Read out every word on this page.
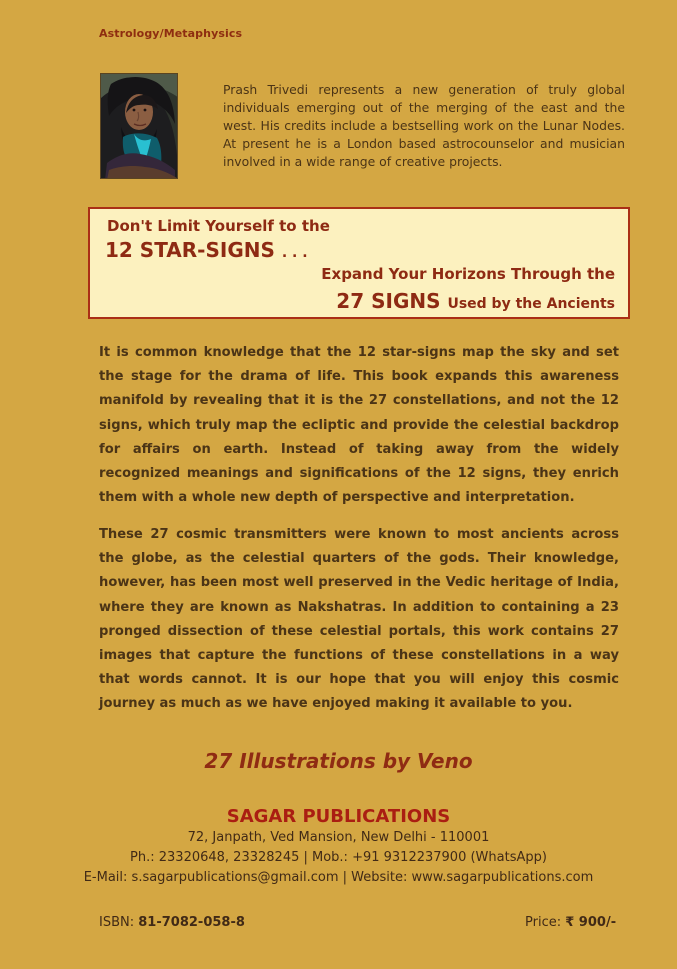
Astrology/Metaphysics
Prash Trivedi represents a new generation of truly global individuals emerging out of the merging of the east and the west. His credits include a bestselling work on the Lunar Nodes. At present he is a London based astrocounselor and musician involved in a wide range of creative projects.
Don't Limit Yourself to the
12 STAR-SIGNS . . .
Expand Your Horizons Through the
27 SIGNS Used by the Ancients
It is common knowledge that the 12 star-signs map the sky and set the stage for the drama of life. This book expands this awareness manifold by revealing that it is the 27 constellations, and not the 12 signs, which truly map the ecliptic and provide the celestial backdrop for affairs on earth. Instead of taking away from the widely recognized meanings and significations of the 12 signs, they enrich them with a whole new depth of perspective and interpretation.
These 27 cosmic transmitters were known to most ancients across the globe, as the celestial quarters of the gods. Their knowledge, however, has been most well preserved in the Vedic heritage of India, where they are known as Nakshatras. In addition to containing a 23 pronged dissection of these celestial portals, this work contains 27 images that capture the functions of these constellations in a way that words cannot. It is our hope that you will enjoy this cosmic journey as much as we have enjoyed making it available to you.
27 Illustrations by Veno
SAGAR PUBLICATIONS
72, Janpath, Ved Mansion, New Delhi - 110001
Ph.: 23320648, 23328245 | Mob.: +91 9312237900 (WhatsApp)
E-Mail: s.sagarpublications@gmail.com | Website: www.sagarpublications.com
ISBN: 81-7082-058-8	Price: ₹ 900/-
